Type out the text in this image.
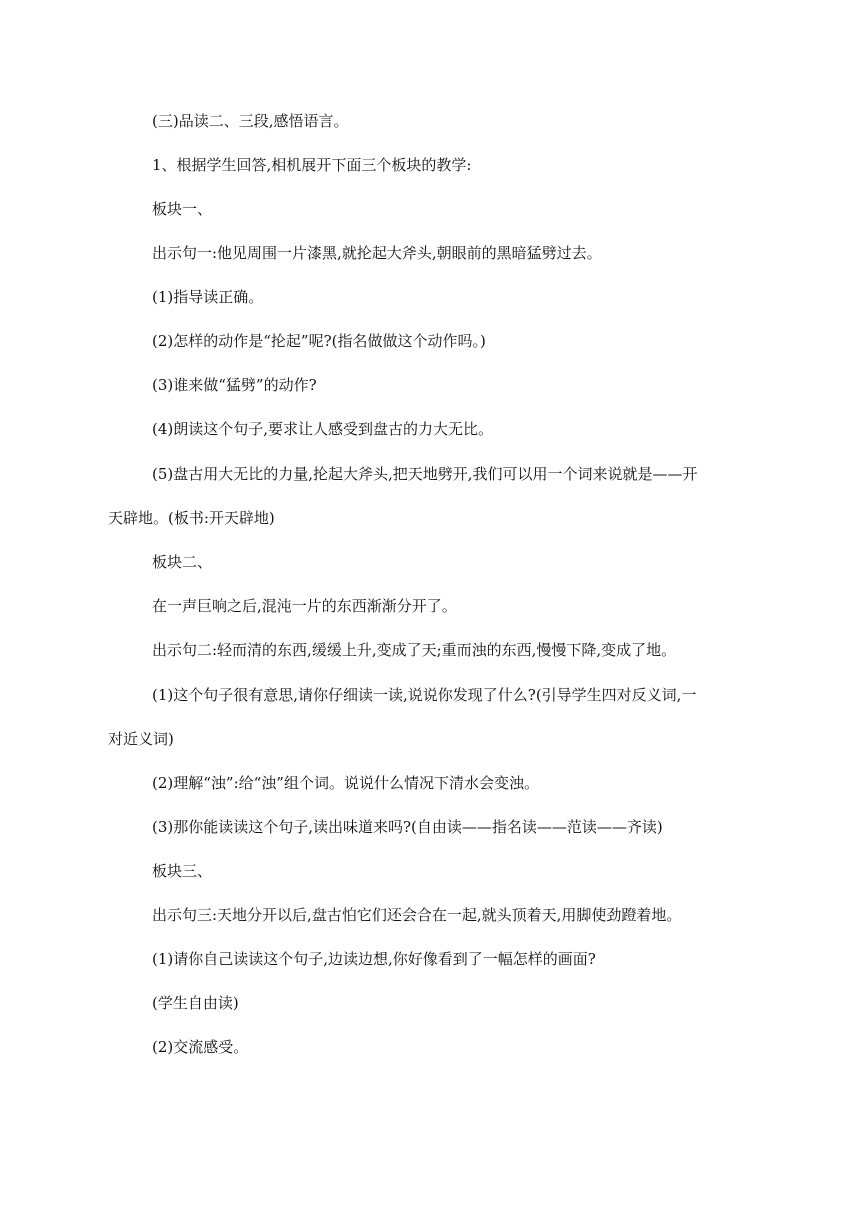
(三)品读二、三段,感悟语言。

1、根据学生回答,相机展开下面三个板块的教学:

板块一、

出示句一:他见周围一片漆黑,就抡起大斧头,朝眼前的黑暗猛劈过去。

(1)指导读正确。

(2)怎样的动作是“抡起”呢?(指名做做这个动作吗。)

(3)谁来做“猛劈”的动作?

(4)朗读这个句子,要求让人感受到盘古的力大无比。

(5)盘古用大无比的力量,抡起大斧头,把天地劈开,我们可以用一个词来说就是——开天辟地。(板书:开天辟地)

板块二、

在一声巨响之后,混沌一片的东西渐渐分开了。

出示句二:轻而清的东西,缓缓上升,变成了天;重而浊的东西,慢慢下降,变成了地。

(1)这个句子很有意思,请你仔细读一读,说说你发现了什么?(引导学生四对反义词,一对近义词)

(2)理解“浊”:给“浊”组个词。说说什么情况下清水会变浊。

(3)那你能读读这个句子,读出味道来吗?(自由读——指名读——范读——齐读)

板块三、

出示句三:天地分开以后,盘古怕它们还会合在一起,就头顶着天,用脚使劲蹬着地。

(1)请你自己读读这个句子,边读边想,你好像看到了一幅怎样的画面?

(学生自由读)

(2)交流感受。
